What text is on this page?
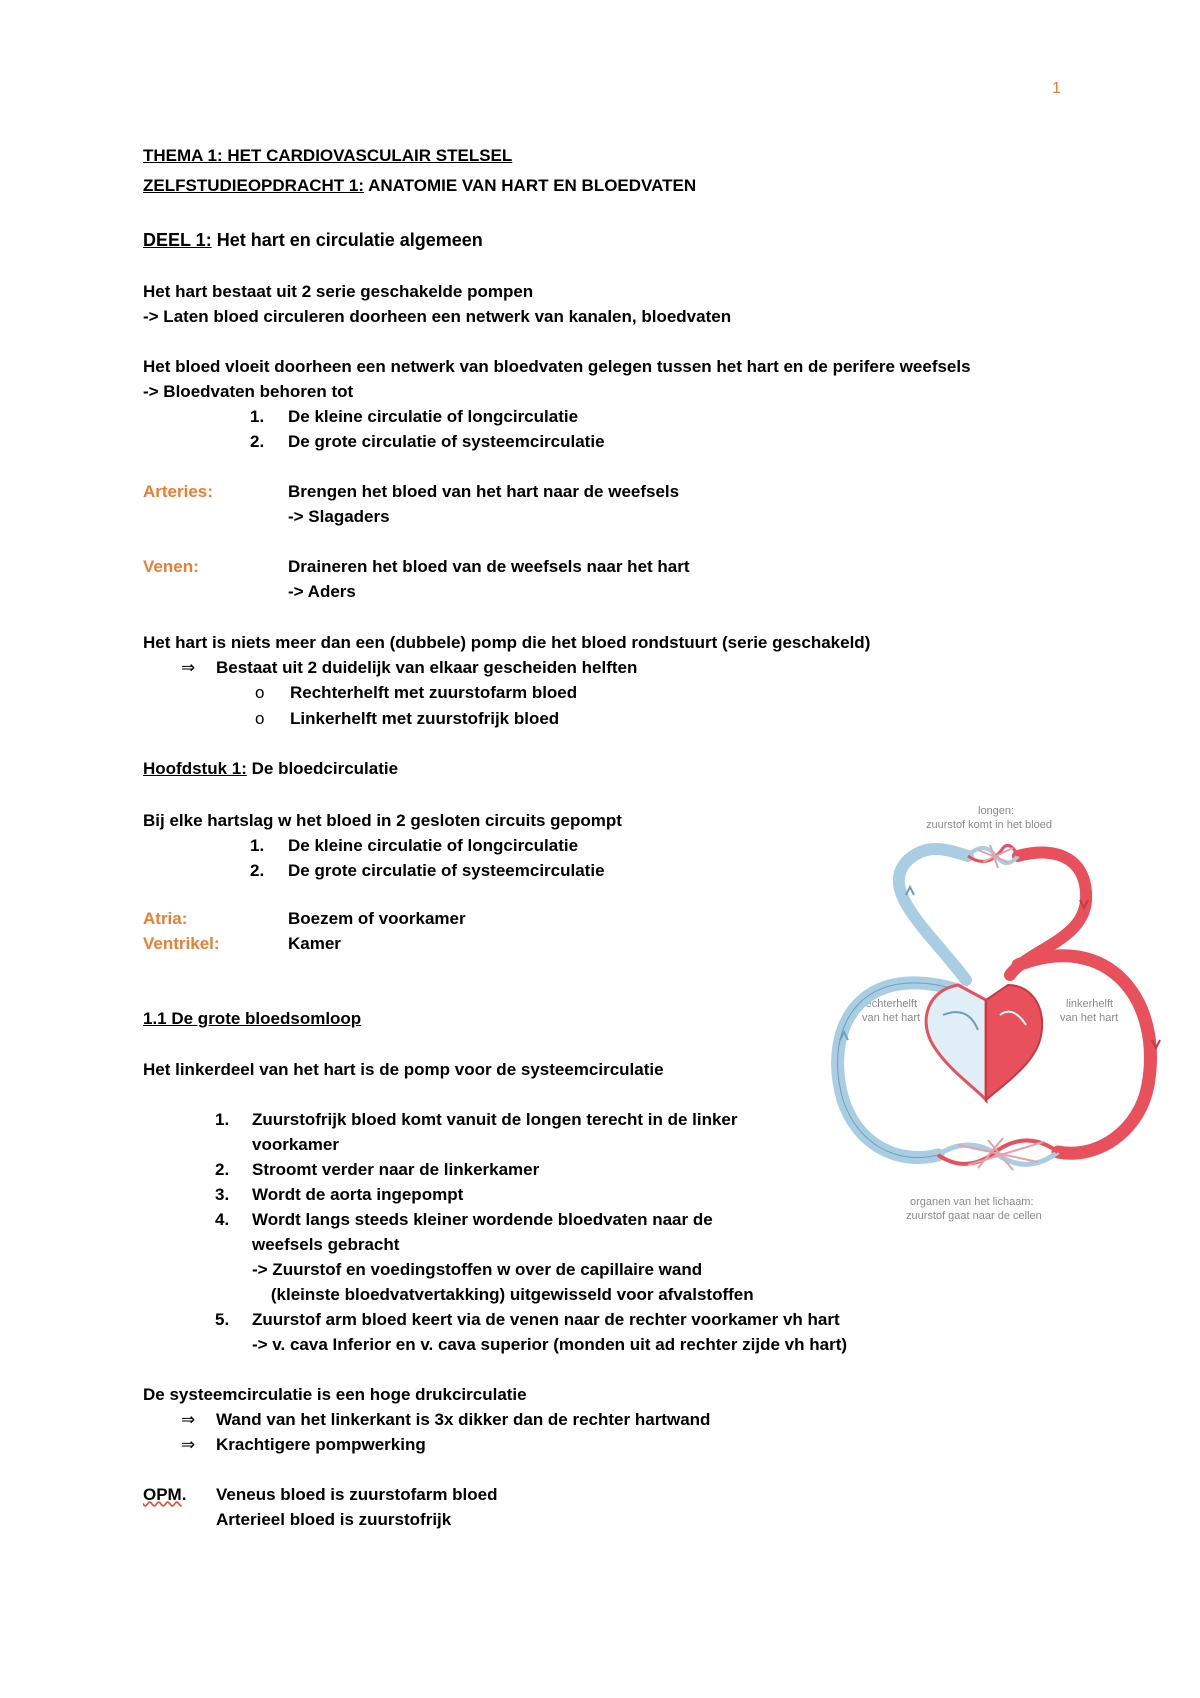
1
THEMA 1: HET CARDIOVASCULAIR STELSEL
ZELFSTUDIEOPDRACHT 1: ANATOMIE VAN HART EN BLOEDVATEN
DEEL 1: Het hart en circulatie algemeen
Het hart bestaat uit 2 serie geschakelde pompen
-> Laten bloed circuleren doorheen een netwerk van kanalen, bloedvaten
Het bloed vloeit doorheen een netwerk van bloedvaten gelegen tussen het hart en de perifere weefsels
-> Bloedvaten behoren tot
1. De kleine circulatie of longcirculatie
2. De grote circulatie of systeemcirculatie
Arteries:	Brengen het bloed van het hart naar de weefsels
-> Slagaders
Venen:	Draineren het bloed van de weefsels naar het hart
-> Aders
Het hart is niets meer dan een (dubbele) pomp die het bloed rondstuurt (serie geschakeld)
⇒ Bestaat uit 2 duidelijk van elkaar gescheiden helften
o Rechterhelft met zuurstofarm bloed
o Linkerhelft met zuurstofrijk bloed
Hoofdstuk 1: De bloedcirculatie
Bij elke hartslag w het bloed in 2 gesloten circuits gepompt
1. De kleine circulatie of longcirculatie
2. De grote circulatie of systeemcirculatie
Atria:	Boezem of voorkamer
Ventrikel:	Kamer
1.1 De grote bloedsomloop
Het linkerdeel van het hart is de pomp voor de systeemcirculatie
1. Zuurstofrijk bloed komt vanuit de longen terecht in de linker
voorkamer
2. Stroomt verder naar de linkerkamer
3. Wordt de aorta ingepompt
4. Wordt langs steeds kleiner wordende bloedvaten naar de
weefsels gebracht
-> Zuurstof en voedingstoffen w over de capillaire wand
(kleinste bloedvatvertakking) uitgewisseld voor afvalstoffen
5. Zuurstof arm bloed keert via de venen naar de rechter voorkamer vh hart
-> v. cava Inferior en v. cava superior (monden uit ad rechter zijde vh hart)
De systeemcirculatie is een hoge drukcirculatie
⇒ Wand van het linkerkant is 3x dikker dan de rechter hartwand
⇒ Krachtigere pompwerking
OPM. Veneus bloed is zuurstofarm bloed
Arterieel bloed is zuurstofrijk
longen:
zuurstof komt in het bloed
rechterhelft
van het hart
linkerhelft
van het hart
organen van het lichaam:
zuurstof gaat naar de cellen
